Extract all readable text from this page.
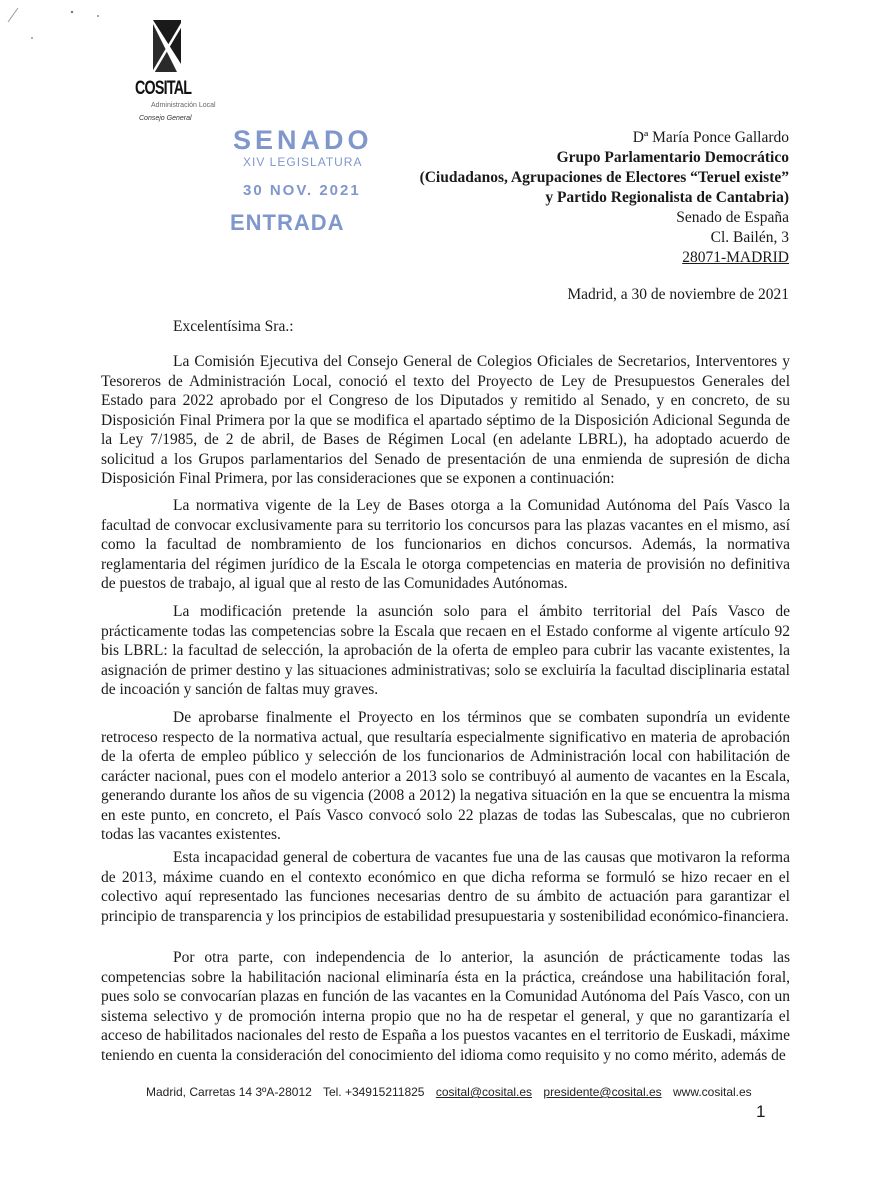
COSITAL
Administración Local
Consejo General
SENADO
XIV LEGISLATURA
30 NOV. 2021
ENTRADA
Dª María Ponce Gallardo
Grupo Parlamentario Democrático
(Ciudadanos, Agrupaciones de Electores “Teruel existe”
y Partido Regionalista de Cantabria)
Senado de España
Cl. Bailén, 3
28071-MADRID
Madrid, a 30 de noviembre de 2021
Excelentísima Sra.:

La Comisión Ejecutiva del Consejo General de Colegios Oficiales de Secretarios, Interventores y Tesoreros de Administración Local, conoció el texto del Proyecto de Ley de Presupuestos Generales del Estado para 2022 aprobado por el Congreso de los Diputados y remitido al Senado, y en concreto, de su Disposición Final Primera por la que se modifica el apartado séptimo de la Disposición Adicional Segunda de la Ley 7/1985, de 2 de abril, de Bases de Régimen Local (en adelante LBRL), ha adoptado acuerdo de solicitud a los Grupos parlamentarios del Senado de presentación de una enmienda de supresión de dicha Disposición Final Primera, por las consideraciones que se exponen a continuación:

La normativa vigente de la Ley de Bases otorga a la Comunidad Autónoma del País Vasco la facultad de convocar exclusivamente para su territorio los concursos para las plazas vacantes en el mismo, así como la facultad de nombramiento de los funcionarios en dichos concursos. Además, la normativa reglamentaria del régimen jurídico de la Escala le otorga competencias en materia de provisión no definitiva de puestos de trabajo, al igual que al resto de las Comunidades Autónomas.

La modificación pretende la asunción solo para el ámbito territorial del País Vasco de prácticamente todas las competencias sobre la Escala que recaen en el Estado conforme al vigente artículo 92 bis LBRL: la facultad de selección, la aprobación de la oferta de empleo para cubrir las vacante existentes, la asignación de primer destino y las situaciones administrativas; solo se excluiría la facultad disciplinaria estatal de incoación y sanción de faltas muy graves.

De aprobarse finalmente el Proyecto en los términos que se combaten supondría un evidente retroceso respecto de la normativa actual, que resultaría especialmente significativo en materia de aprobación de la oferta de empleo público y selección de los funcionarios de Administración local con habilitación de carácter nacional, pues con el modelo anterior a 2013 solo se contribuyó al aumento de vacantes en la Escala, generando durante los años de su vigencia (2008 a 2012) la negativa situación en la que se encuentra la misma en este punto, en concreto, el País Vasco convocó solo 22 plazas de todas las Subescalas, que no cubrieron todas las vacantes existentes.

Esta incapacidad general de cobertura de vacantes fue una de las causas que motivaron la reforma de 2013, máxime cuando en el contexto económico en que dicha reforma se formuló se hizo recaer en el colectivo aquí representado las funciones necesarias dentro de su ámbito de actuación para garantizar el principio de transparencia y los principios de estabilidad presupuestaria y sostenibilidad económico-financiera.

Por otra parte, con independencia de lo anterior, la asunción de prácticamente todas las competencias sobre la habilitación nacional eliminaría ésta en la práctica, creándose una habilitación foral, pues solo se convocarían plazas en función de las vacantes en la Comunidad Autónoma del País Vasco, con un sistema selectivo y de promoción interna propio que no ha de respetar el general, y que no garantizaría el acceso de habilitados nacionales del resto de España a los puestos vacantes en el territorio de Euskadi, máxime teniendo en cuenta la consideración del conocimiento del idioma como requisito y no como mérito, además de

Madrid, Carretas 14 3ºA-28012 Tel. +34915211825 cosital@cosital.es presidente@cosital.es www.cosital.es
1
